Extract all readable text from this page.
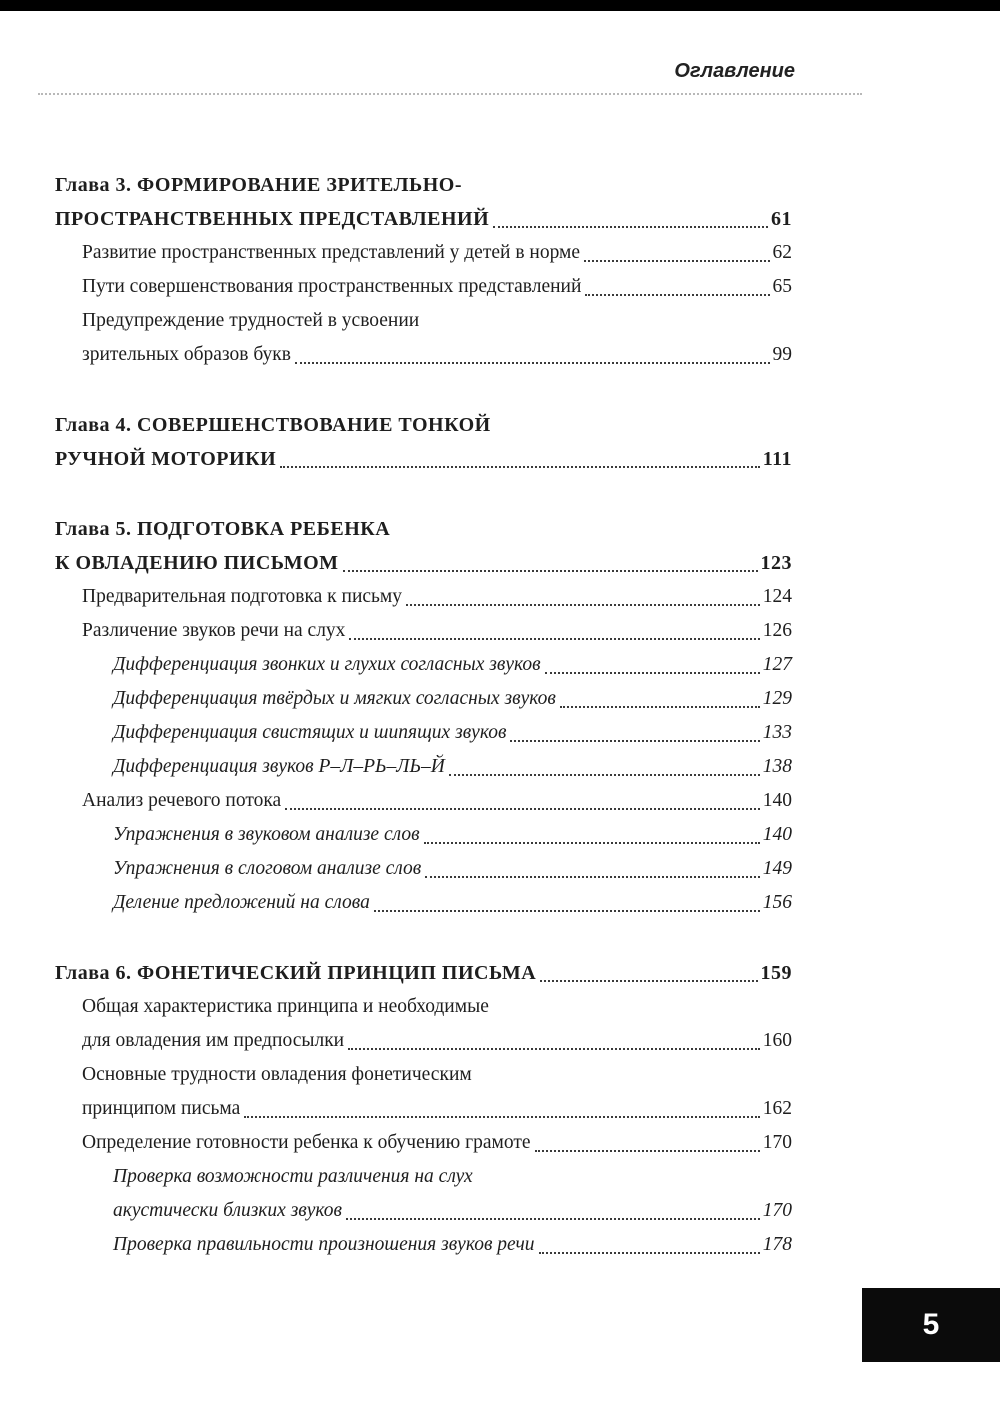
Оглавление
Глава 3. ФОРМИРОВАНИЕ ЗРИТЕЛЬНО-
ПРОСТРАНСТВЕННЫХ ПРЕДСТАВЛЕНИЙ	61
Развитие пространственных представлений у детей в норме	62
Пути совершенствования пространственных представлений	65
Предупреждение трудностей в усвоении
зрительных образов букв	99
Глава 4. СОВЕРШЕНСТВОВАНИЕ ТОНКОЙ
РУЧНОЙ МОТОРИКИ	111
Глава 5. ПОДГОТОВКА РЕБЕНКА
К ОВЛАДЕНИЮ ПИСЬМОМ	123
Предварительная подготовка к письму	124
Различение звуков речи на слух	126
Дифференциация звонких и глухих согласных звуков	127
Дифференциация твёрдых и мягких согласных звуков	129
Дифференциация свистящих и шипящих звуков	133
Дифференциация звуков Р–Л–РЬ–ЛЬ–Й	138
Анализ речевого потока	140
Упражнения в звуковом анализе слов	140
Упражнения в слоговом анализе слов	149
Деление предложений на слова	156
Глава 6. ФОНЕТИЧЕСКИЙ ПРИНЦИП ПИСЬМА	159
Общая характеристика принципа и необходимые
для овладения им предпосылки	160
Основные трудности овладения фонетическим
принципом письма	162
Определение готовности ребенка к обучению грамоте	170
Проверка возможности различения на слух
акустически близких звуков	170
Проверка правильности произношения звуков речи	178
5
